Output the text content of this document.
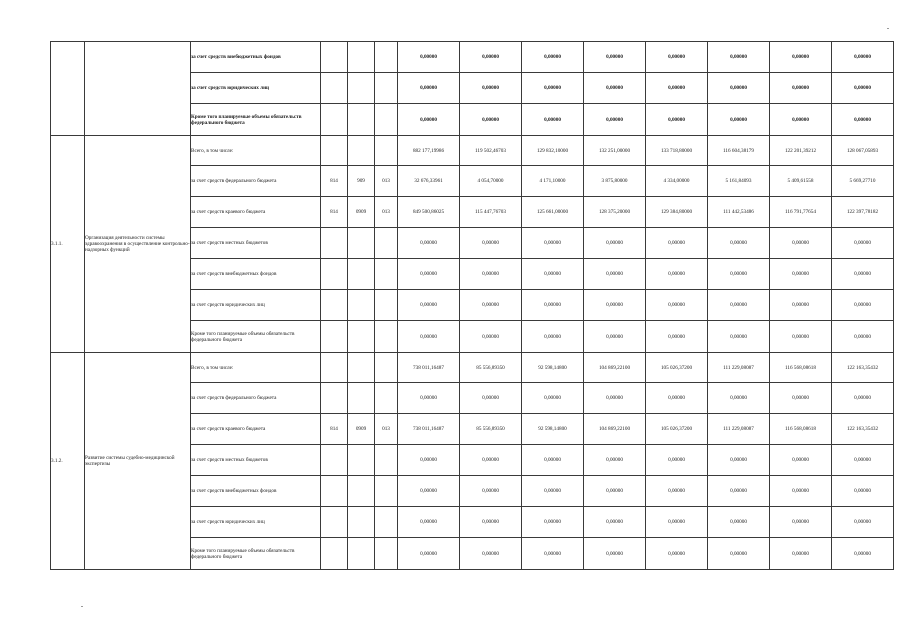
		за счет средств внебюджетных фондов				0,00000	0,00000	0,00000	0,00000	0,00000	0,00000	0,00000	0,00000
		за счет средств юридических лиц				0,00000	0,00000	0,00000	0,00000	0,00000	0,00000	0,00000	0,00000
		Кроме того планируемые объемы обязательств федерального бюджета				0,00000	0,00000	0,00000	0,00000	0,00000	0,00000	0,00000	0,00000
3.1.1.	Организация деятельности системы здравоохранения в осуществление контрольно-надзорных функций	Всего, в том числе:				882 177,19986	119 502,46703	129 832,10000	132 251,00000	133 718,80000	116 604,38179	122 201,39212	128 067,05893
		за счет средств федерального бюджета	814	909	013	32 676,33961	4 054,70000	4 171,10000	3 875,80000	4 334,00000	5 161,84093	5 409,61558	5 669,27710
		за счет средств краевого бюджета	814	0909	013	849 500,86025	115 447,76703	125 661,00000	128 375,20000	129 384,80000	111 442,53486	116 791,77654	122 397,78182
		за счет средств местных бюджетов				0,00000	0,00000	0,00000	0,00000	0,00000	0,00000	0,00000	0,00000
		за счет средств внебюджетных фондов				0,00000	0,00000	0,00000	0,00000	0,00000	0,00000	0,00000	0,00000
		за счет средств юридических лиц				0,00000	0,00000	0,00000	0,00000	0,00000	0,00000	0,00000	0,00000
		Кроме того планируемые объемы обязательств федерального бюджета				0,00000	0,00000	0,00000	0,00000	0,00000	0,00000	0,00000	0,00000
3.1.2.	Развитие системы судебно-медицинской экспертизы	Всего, в том числе:				738 011,16487	85 556,89350	92 598,14800	104 869,22100	105 026,37200	111 229,08087	116 568,08618	122 163,35432
		за счет средств федерального бюджета				0,00000	0,00000	0,00000	0,00000	0,00000	0,00000	0,00000	0,00000
		за счет средств краевого бюджета	814	0909	013	738 011,16487	85 556,89350	92 598,14800	104 869,22100	105 026,37200	111 229,08087	116 568,08618	122 163,35432
		за счет средств местных бюджетов				0,00000	0,00000	0,00000	0,00000	0,00000	0,00000	0,00000	0,00000
		за счет средств внебюджетных фондов				0,00000	0,00000	0,00000	0,00000	0,00000	0,00000	0,00000	0,00000
		за счет средств юридических лиц				0,00000	0,00000	0,00000	0,00000	0,00000	0,00000	0,00000	0,00000
		Кроме того планируемые объемы обязательств федерального бюджета				0,00000	0,00000	0,00000	0,00000	0,00000	0,00000	0,00000	0,00000
